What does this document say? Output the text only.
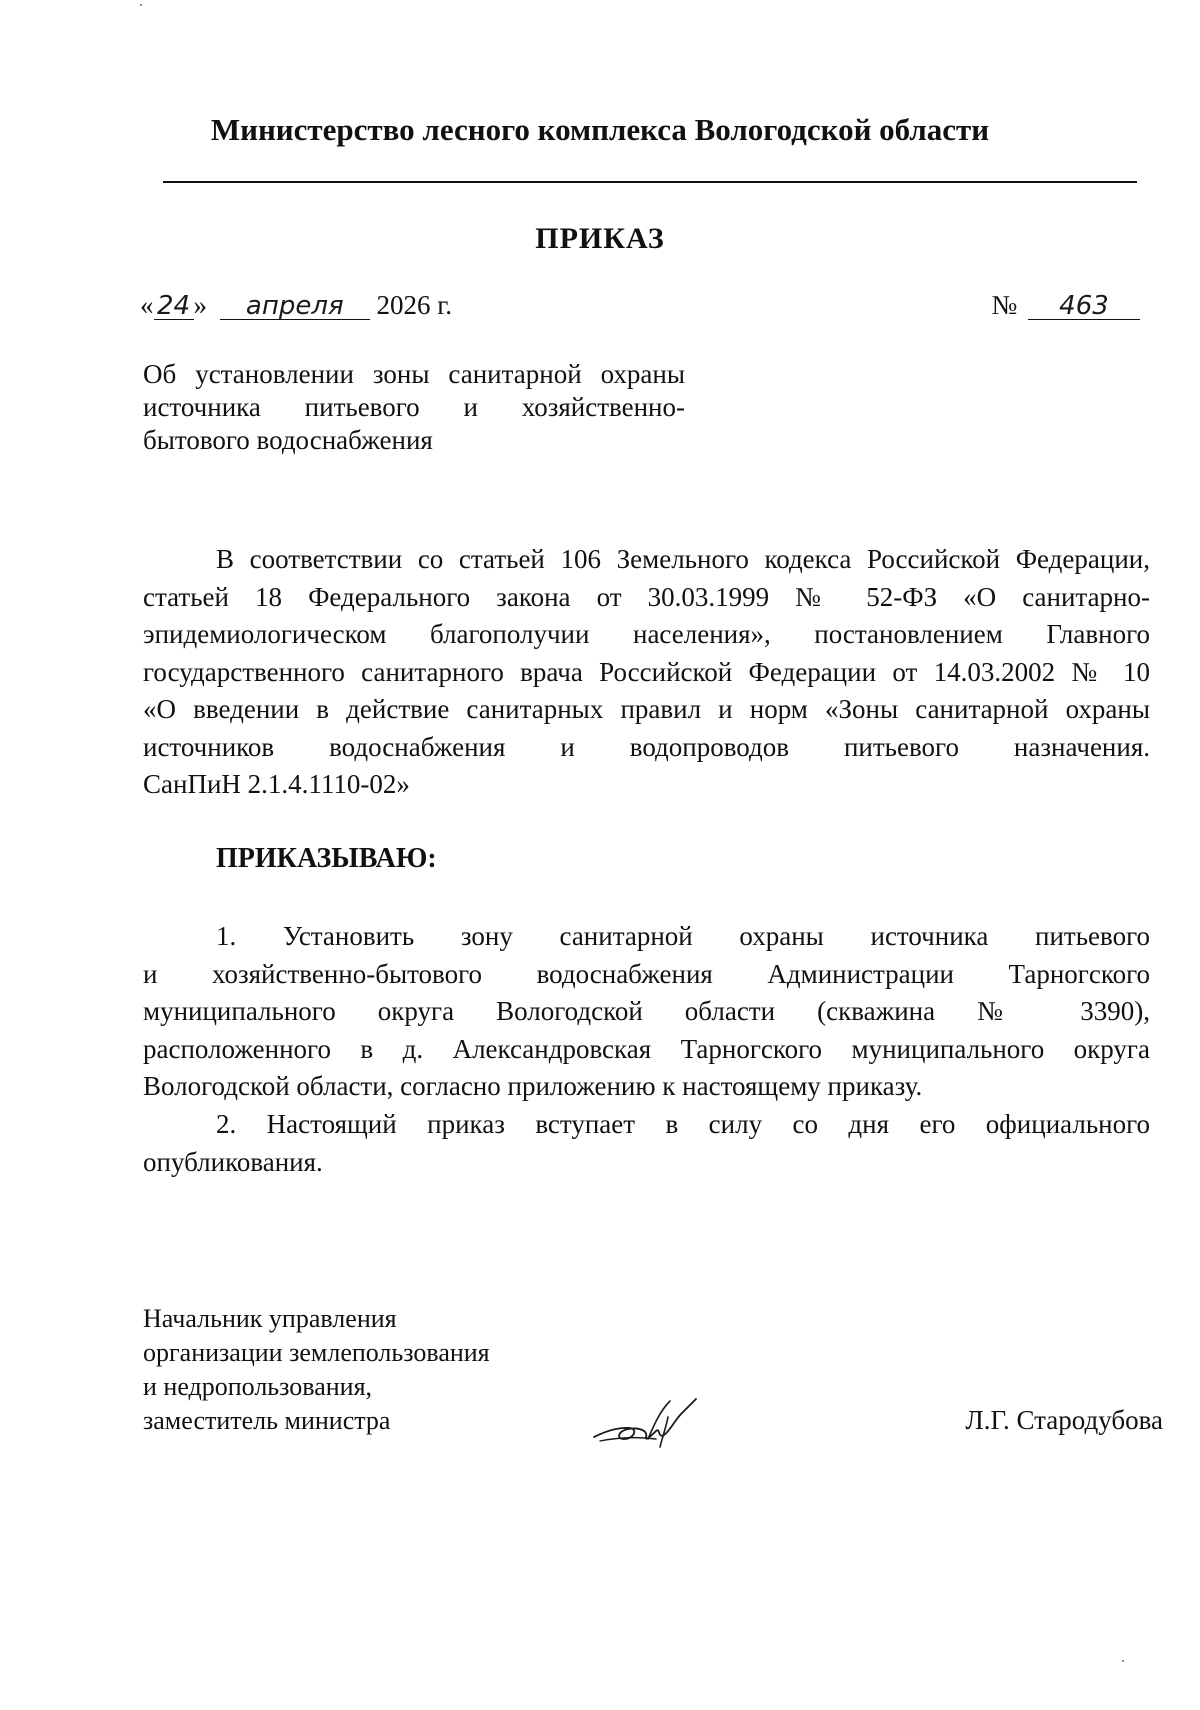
Министерство лесного комплекса Вологодской области
ПРИКАЗ
« 24 » апреля 2026 г.	№ 463
Об установлении зоны санитарной охраны
источника питьевого и хозяйственно-
бытового водоснабжения
В соответствии со статьей 106 Земельного кодекса Российской Федерации,
статьей 18 Федерального закона от 30.03.1999 № 52-ФЗ «О санитарно-
эпидемиологическом благополучии населения», постановлением Главного
государственного санитарного врача Российской Федерации от 14.03.2002 № 10
«О введении в действие санитарных правил и норм «Зоны санитарной охраны
источников водоснабжения и водопроводов питьевого назначения.
СанПиН 2.1.4.1110-02»
ПРИКАЗЫВАЮ:
1. Установить зону санитарной охраны источника питьевого
и хозяйственно-бытового водоснабжения Администрации Тарногского
муниципального округа Вологодской области (скважина № 3390),
расположенного в д. Александровская Тарногского муниципального округа
Вологодской области, согласно приложению к настоящему приказу.
2. Настоящий приказ вступает в силу со дня его официального
опубликования.
Начальник управления
организации землепользования
и недропользования,
заместитель министра	Л.Г. Стародубова
